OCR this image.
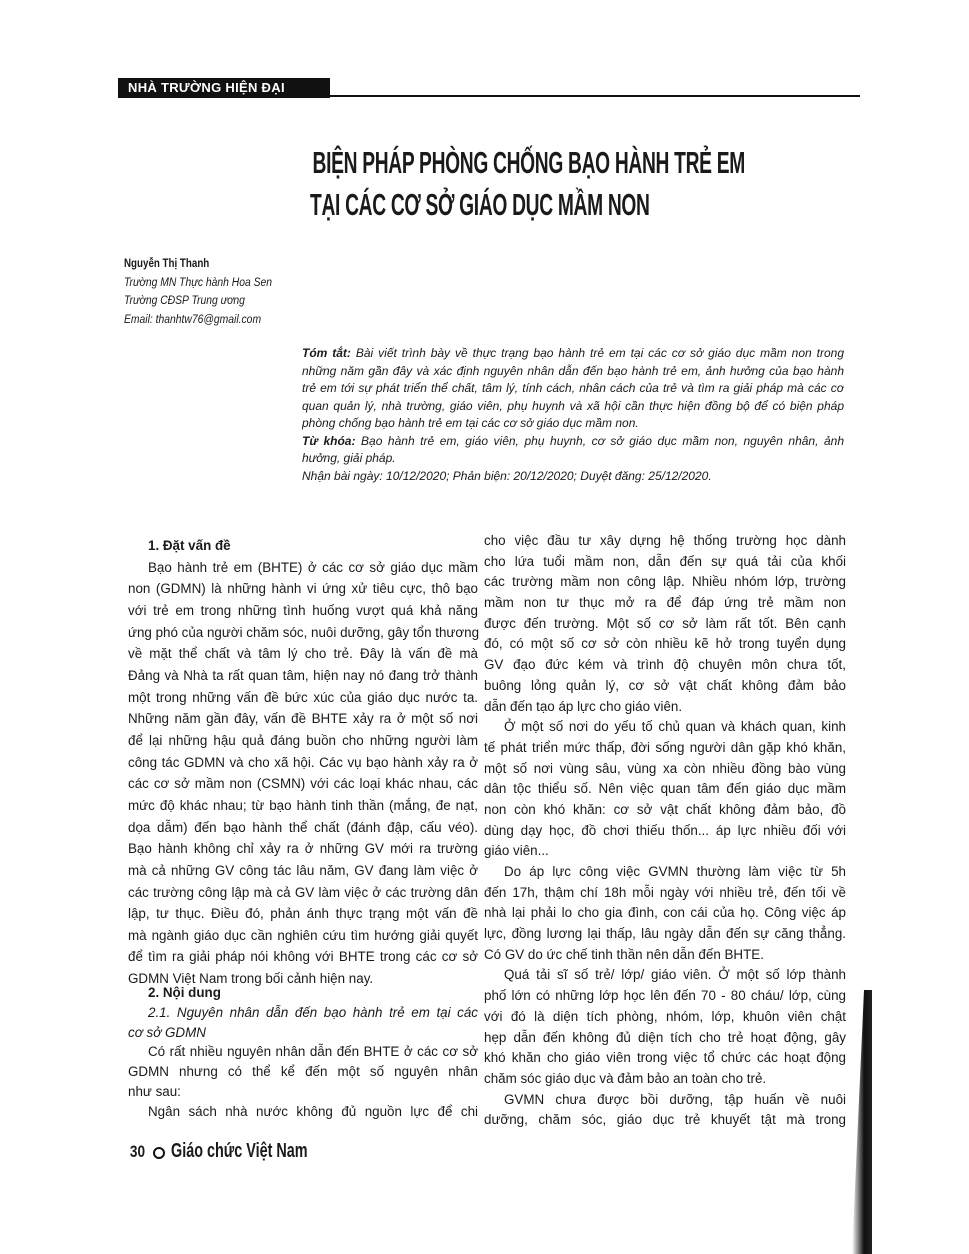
NHÀ TRƯỜNG HIỆN ĐẠI
BIỆN PHÁP PHÒNG CHỐNG BẠO HÀNH TRẺ EM
TẠI CÁC CƠ SỞ GIÁO DỤC MẦM NON
Nguyễn Thị Thanh
Trường MN Thực hành Hoa Sen
Trường CĐSP Trung ương
Email: thanhtw76@gmail.com
Tóm tắt: Bài viết trình bày về thực trạng bạo hành trẻ em tại các cơ sở giáo dục mầm non trong
những năm gần đây và xác định nguyên nhân dẫn đến bạo hành trẻ em, ảnh hưởng của bạo hành
trẻ em tới sự phát triển thể chất, tâm lý, tính cách, nhân cách của trẻ và tìm ra giải pháp mà các cơ
quan quản lý, nhà trường, giáo viên, phụ huynh và xã hội cần thực hiện đồng bộ để có biện pháp
phòng chống bạo hành trẻ em tại các cơ sở giáo dục mầm non.
Từ khóa: Bạo hành trẻ em, giáo viên, phụ huynh, cơ sở giáo dục mầm non, nguyên nhân, ảnh
hưởng, giải pháp.
Nhận bài ngày: 10/12/2020; Phản biện: 20/12/2020; Duyệt đăng: 25/12/2020.
1. Đặt vấn đề
Bạo hành trẻ em (BHTE) ở các cơ sở giáo dục mầm
non (GDMN) là những hành vi ứng xử tiêu cực, thô bạo
với trẻ em trong những tình huống vượt quá khả năng
ứng phó của người chăm sóc, nuôi dưỡng, gây tổn thương
về mặt thể chất và tâm lý cho trẻ. Đây là vấn đề mà
Đảng và Nhà ta rất quan tâm, hiện nay nó đang trở thành
một trong những vấn đề bức xúc của giáo dục nước ta.
Những năm gần đây, vấn đề BHTE xảy ra ở một số nơi
để lại những hậu quả đáng buồn cho những người làm
công tác GDMN và cho xã hội. Các vụ bạo hành xảy ra ở
các cơ sở mầm non (CSMN) với các loại khác nhau, các
mức độ khác nhau; từ bạo hành tinh thần (mắng, đe nạt,
dọa dẫm) đến bạo hành thể chất (đánh đập, cấu véo).
Bạo hành không chỉ xảy ra ở những GV mới ra trường
mà cả những GV công tác lâu năm, GV đang làm việc ở
các trường công lập mà cả GV làm việc ở các trường dân
lập, tư thục. Điều đó, phản ánh thực trạng một vấn đề
mà ngành giáo dục cần nghiên cứu tìm hướng giải quyết
để tìm ra giải pháp nói không với BHTE trong các cơ sở
GDMN Việt Nam trong bối cảnh hiện nay.
2. Nội dung
2.1. Nguyên nhân dẫn đến bạo hành trẻ em tại các
cơ sở GDMN
Có rất nhiều nguyên nhân dẫn đến BHTE ở các cơ sở
GDMN nhưng có thể kể đến một số nguyên nhân
như sau:
Ngân sách nhà nước không đủ nguồn lực để chi
cho việc đầu tư xây dựng hệ thống trường học dành
cho lứa tuổi mầm non, dẫn đến sự quá tải của khối
các trường mầm non công lập. Nhiều nhóm lớp, trường
mầm non tư thục mở ra để đáp ứng trẻ mầm non
được đến trường. Một số cơ sở làm rất tốt. Bên cạnh
đó, có một số cơ sở còn nhiều kẽ hở trong tuyển dụng
GV đạo đức kém và trình độ chuyên môn chưa tốt,
buông lỏng quản lý, cơ sở vật chất không đảm bảo
dẫn đến tạo áp lực cho giáo viên.
Ở một số nơi do yếu tố chủ quan và khách quan, kinh
tế phát triển mức thấp, đời sống người dân gặp khó khăn,
một số nơi vùng sâu, vùng xa còn nhiều đồng bào vùng
dân tộc thiểu số. Nên việc quan tâm đến giáo dục mầm
non còn khó khăn: cơ sở vật chất không đảm bảo, đồ
dùng dạy học, đồ chơi thiếu thốn... áp lực nhiều đối với
giáo viên...
Do áp lực công việc GVMN thường làm việc từ 5h
đến 17h, thậm chí 18h mỗi ngày với nhiều trẻ, đến tối về
nhà lại phải lo cho gia đình, con cái của họ. Công việc áp
lực, đồng lương lại thấp, lâu ngày dẫn đến sự căng thẳng.
Có GV do ức chế tinh thần nên dẫn đến BHTE.
Quá tải sĩ số trẻ/ lớp/ giáo viên. Ở một số lớp thành
phố lớn có những lớp học lên đến 70 - 80 cháu/ lớp, cùng
với đó là diện tích phòng, nhóm, lớp, khuôn viên chật
hẹp dẫn đến không đủ diện tích cho trẻ hoạt động, gây
khó khăn cho giáo viên trong việc tổ chức các hoạt động
chăm sóc giáo dục và đảm bảo an toàn cho trẻ.
GVMN chưa được bồi dưỡng, tập huấn về nuôi
dưỡng, chăm sóc, giáo dục trẻ khuyết tật mà trong
30 Giáo chức Việt Nam
